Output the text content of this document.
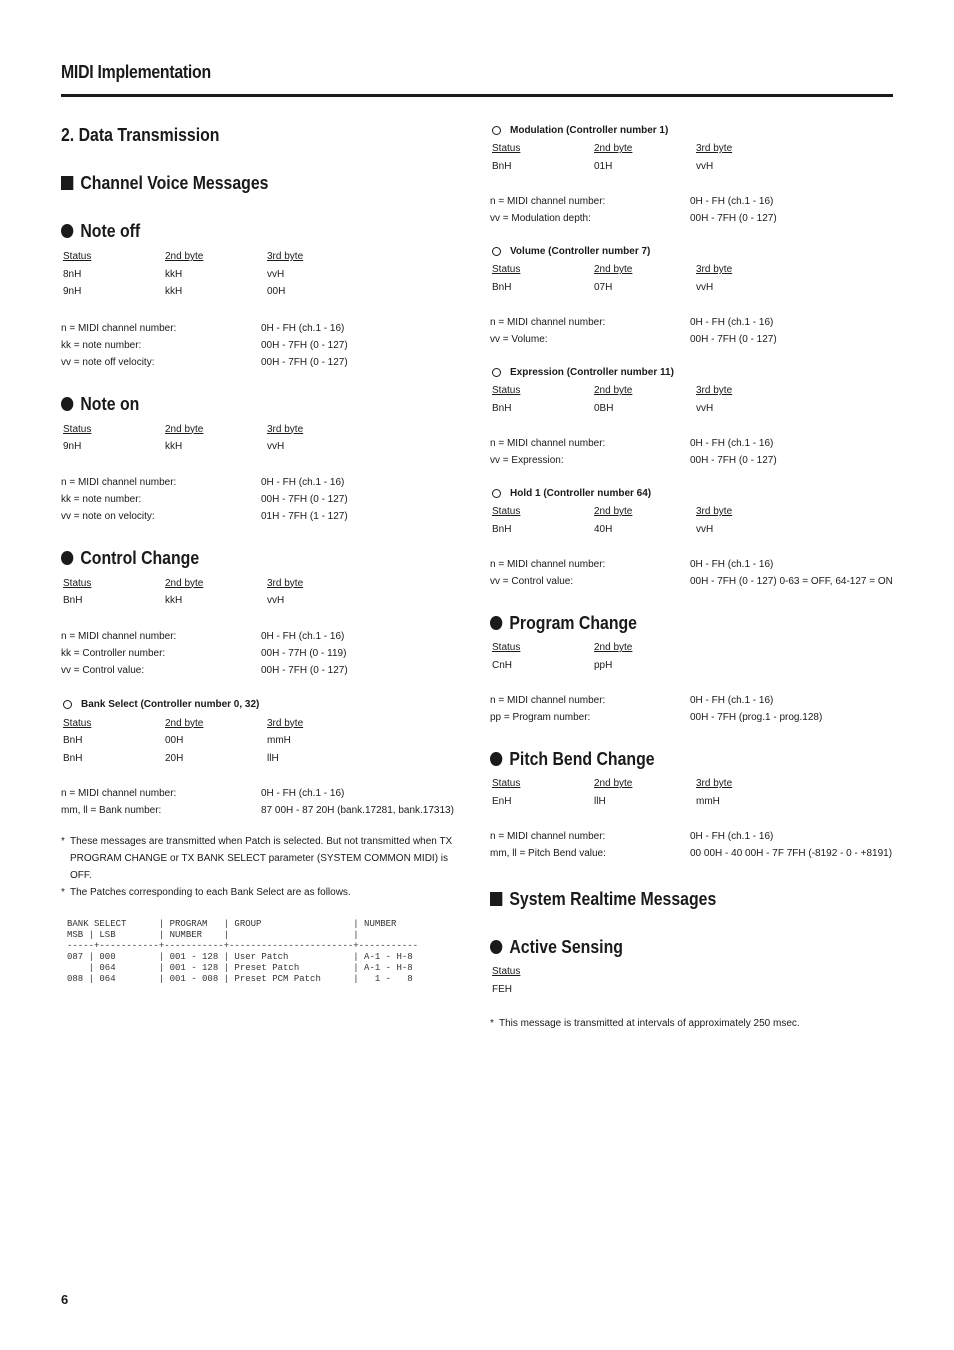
MIDI Implementation
2. Data Transmission
Channel Voice Messages
Note off
Status	2nd byte	3rd byte
8nH	kkH	vvH
9nH	kkH	00H
n = MIDI channel number:	0H - FH (ch.1 - 16)
kk = note number:	00H - 7FH (0 - 127)
vv = note off velocity:	00H - 7FH (0 - 127)
Note on
Status	2nd byte	3rd byte
9nH	kkH	vvH
n = MIDI channel number:	0H - FH (ch.1 - 16)
kk = note number:	00H - 7FH (0 - 127)
vv = note on velocity:	01H - 7FH (1 - 127)
Control Change
Status	2nd byte	3rd byte
BnH	kkH	vvH
n = MIDI channel number:	0H - FH (ch.1 - 16)
kk = Controller number:	00H - 77H (0 - 119)
vv = Control value:	00H - 7FH (0 - 127)
Bank Select (Controller number 0, 32)
Status	2nd byte	3rd byte
BnH	00H	mmH
BnH	20H	llH
n = MIDI channel number:	0H - FH (ch.1 - 16)
mm, ll = Bank number:	87 00H - 87 20H (bank.17281, bank.17313)
* These messages are transmitted when Patch is selected. But not transmitted when TX PROGRAM CHANGE or TX BANK SELECT parameter (SYSTEM COMMON MIDI) is OFF.
* The Patches corresponding to each Bank Select are as follows.
BANK SELECT      | PROGRAM   | GROUP                 | NUMBER
MSB | LSB        | NUMBER    |                       |
-----+-----------+-----------+-----------------------+-----------
087 | 000        | 001 - 128 | User Patch            | A-1 - H-8
| 064        | 001 - 128 | Preset Patch          | A-1 - H-8
088 | 064        | 001 - 008 | Preset PCM Patch      |   1 -   8
Modulation (Controller number 1)
Status	2nd byte	3rd byte
BnH	01H	vvH
n = MIDI channel number:	0H - FH (ch.1 - 16)
vv = Modulation depth:	00H - 7FH (0 - 127)
Volume (Controller number 7)
Status	2nd byte	3rd byte
BnH	07H	vvH
n = MIDI channel number:	0H - FH (ch.1 - 16)
vv = Volume:	00H - 7FH (0 - 127)
Expression (Controller number 11)
Status	2nd byte	3rd byte
BnH	0BH	vvH
n = MIDI channel number:	0H - FH (ch.1 - 16)
vv = Expression:	00H - 7FH (0 - 127)
Hold 1 (Controller number 64)
Status	2nd byte	3rd byte
BnH	40H	vvH
n = MIDI channel number:	0H - FH (ch.1 - 16)
vv = Control value:	00H - 7FH (0 - 127) 0-63 = OFF, 64-127 = ON
Program Change
Status	2nd byte
CnH	ppH
n = MIDI channel number:	0H - FH (ch.1 - 16)
pp = Program number:	00H - 7FH (prog.1 - prog.128)
Pitch Bend Change
Status	2nd byte	3rd byte
EnH	llH	mmH
n = MIDI channel number:	0H - FH (ch.1 - 16)
mm, ll = Pitch Bend value:	00 00H - 40 00H - 7F 7FH (-8192 - 0 - +8191)
System Realtime Messages
Active Sensing
Status
FEH
* This message is transmitted at intervals of approximately 250 msec.
6
